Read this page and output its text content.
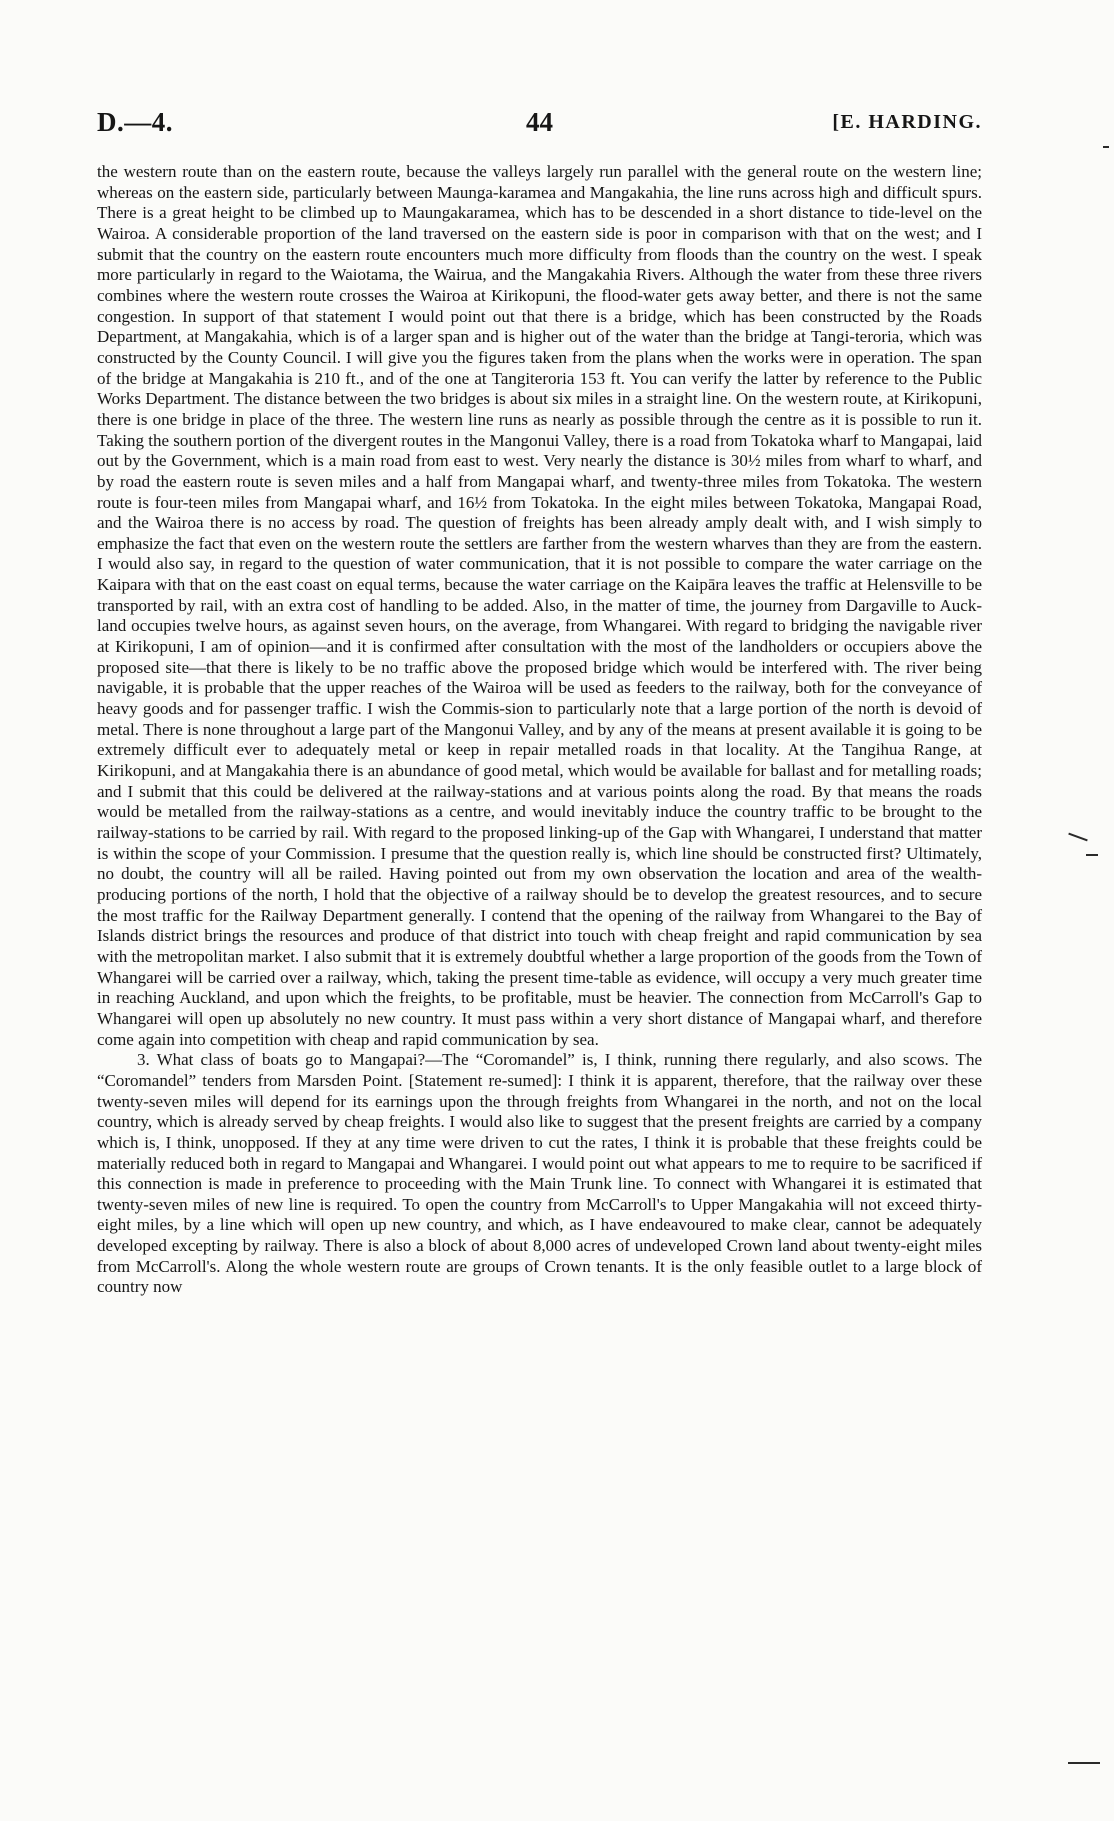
D.—4.	44	[E. HARDING.

the western route than on the eastern route, because the valleys largely run parallel with the general route on the western line; whereas on the eastern side, particularly between Maunga-karamea and Mangakahia, the line runs across high and difficult spurs. There is a great height to be climbed up to Maungakaramea, which has to be descended in a short distance to tide-level on the Wairoa. A considerable proportion of the land traversed on the eastern side is poor in comparison with that on the west; and I submit that the country on the eastern route encounters much more difficulty from floods than the country on the west. I speak more particularly in regard to the Waiotama, the Wairua, and the Mangakahia Rivers. Although the water from these three rivers combines where the western route crosses the Wairoa at Kirikopuni, the flood-water gets away better, and there is not the same congestion. In support of that statement I would point out that there is a bridge, which has been constructed by the Roads Department, at Mangakahia, which is of a larger span and is higher out of the water than the bridge at Tangi-teroria, which was constructed by the County Council. I will give you the figures taken from the plans when the works were in operation. The span of the bridge at Mangakahia is 210 ft., and of the one at Tangiteroria 153 ft. You can verify the latter by reference to the Public Works Department. The distance between the two bridges is about six miles in a straight line. On the western route, at Kirikopuni, there is one bridge in place of the three. The western line runs as nearly as possible through the centre as it is possible to run it. Taking the southern portion of the divergent routes in the Mangonui Valley, there is a road from Tokatoka wharf to Mangapai, laid out by the Government, which is a main road from east to west. Very nearly the distance is 30½ miles from wharf to wharf, and by road the eastern route is seven miles and a half from Mangapai wharf, and twenty-three miles from Tokatoka. The western route is four-teen miles from Mangapai wharf, and 16½ from Tokatoka. In the eight miles between Tokatoka, Mangapai Road, and the Wairoa there is no access by road. The question of freights has been already amply dealt with, and I wish simply to emphasize the fact that even on the western route the settlers are farther from the western wharves than they are from the eastern. I would also say, in regard to the question of water communication, that it is not possible to compare the water carriage on the Kaipara with that on the east coast on equal terms, because the water carriage on the Kaipāra leaves the traffic at Helensville to be transported by rail, with an extra cost of handling to be added. Also, in the matter of time, the journey from Dargaville to Auck-land occupies twelve hours, as against seven hours, on the average, from Whangarei. With regard to bridging the navigable river at Kirikopuni, I am of opinion—and it is confirmed after consultation with the most of the landholders or occupiers above the proposed site—that there is likely to be no traffic above the proposed bridge which would be interfered with. The river being navigable, it is probable that the upper reaches of the Wairoa will be used as feeders to the railway, both for the conveyance of heavy goods and for passenger traffic. I wish the Commis-sion to particularly note that a large portion of the north is devoid of metal. There is none throughout a large part of the Mangonui Valley, and by any of the means at present available it is going to be extremely difficult ever to adequately metal or keep in repair metalled roads in that locality. At the Tangihua Range, at Kirikopuni, and at Mangakahia there is an abundance of good metal, which would be available for ballast and for metalling roads; and I submit that this could be delivered at the railway-stations and at various points along the road. By that means the roads would be metalled from the railway-stations as a centre, and would inevitably induce the country traffic to be brought to the railway-stations to be carried by rail. With regard to the proposed linking-up of the Gap with Whangarei, I understand that matter is within the scope of your Commission. I presume that the question really is, which line should be constructed first? Ultimately, no doubt, the country will all be railed. Having pointed out from my own observation the location and area of the wealth-producing portions of the north, I hold that the objective of a railway should be to develop the greatest resources, and to secure the most traffic for the Railway Department generally. I contend that the opening of the railway from Whangarei to the Bay of Islands district brings the resources and produce of that district into touch with cheap freight and rapid communication by sea with the metropolitan market. I also submit that it is extremely doubtful whether a large proportion of the goods from the Town of Whangarei will be carried over a railway, which, taking the present time-table as evidence, will occupy a very much greater time in reaching Auckland, and upon which the freights, to be profitable, must be heavier. The connection from McCarroll's Gap to Whangarei will open up absolutely no new country. It must pass within a very short distance of Mangapai wharf, and therefore come again into competition with cheap and rapid communication by sea.

3. What class of boats go to Mangapai?—The “Coromandel” is, I think, running there regularly, and also scows. The “Coromandel” tenders from Marsden Point. [Statement re-sumed]: I think it is apparent, therefore, that the railway over these twenty-seven miles will depend for its earnings upon the through freights from Whangarei in the north, and not on the local country, which is already served by cheap freights. I would also like to suggest that the present freights are carried by a company which is, I think, unopposed. If they at any time were driven to cut the rates, I think it is probable that these freights could be materially reduced both in regard to Mangapai and Whangarei. I would point out what appears to me to require to be sacrificed if this connection is made in preference to proceeding with the Main Trunk line. To connect with Whangarei it is estimated that twenty-seven miles of new line is required. To open the country from McCarroll's to Upper Mangakahia will not exceed thirty-eight miles, by a line which will open up new country, and which, as I have endeavoured to make clear, cannot be adequately developed excepting by railway. There is also a block of about 8,000 acres of undeveloped Crown land about twenty-eight miles from McCarroll's. Along the whole western route are groups of Crown tenants. It is the only feasible outlet to a large block of country now
